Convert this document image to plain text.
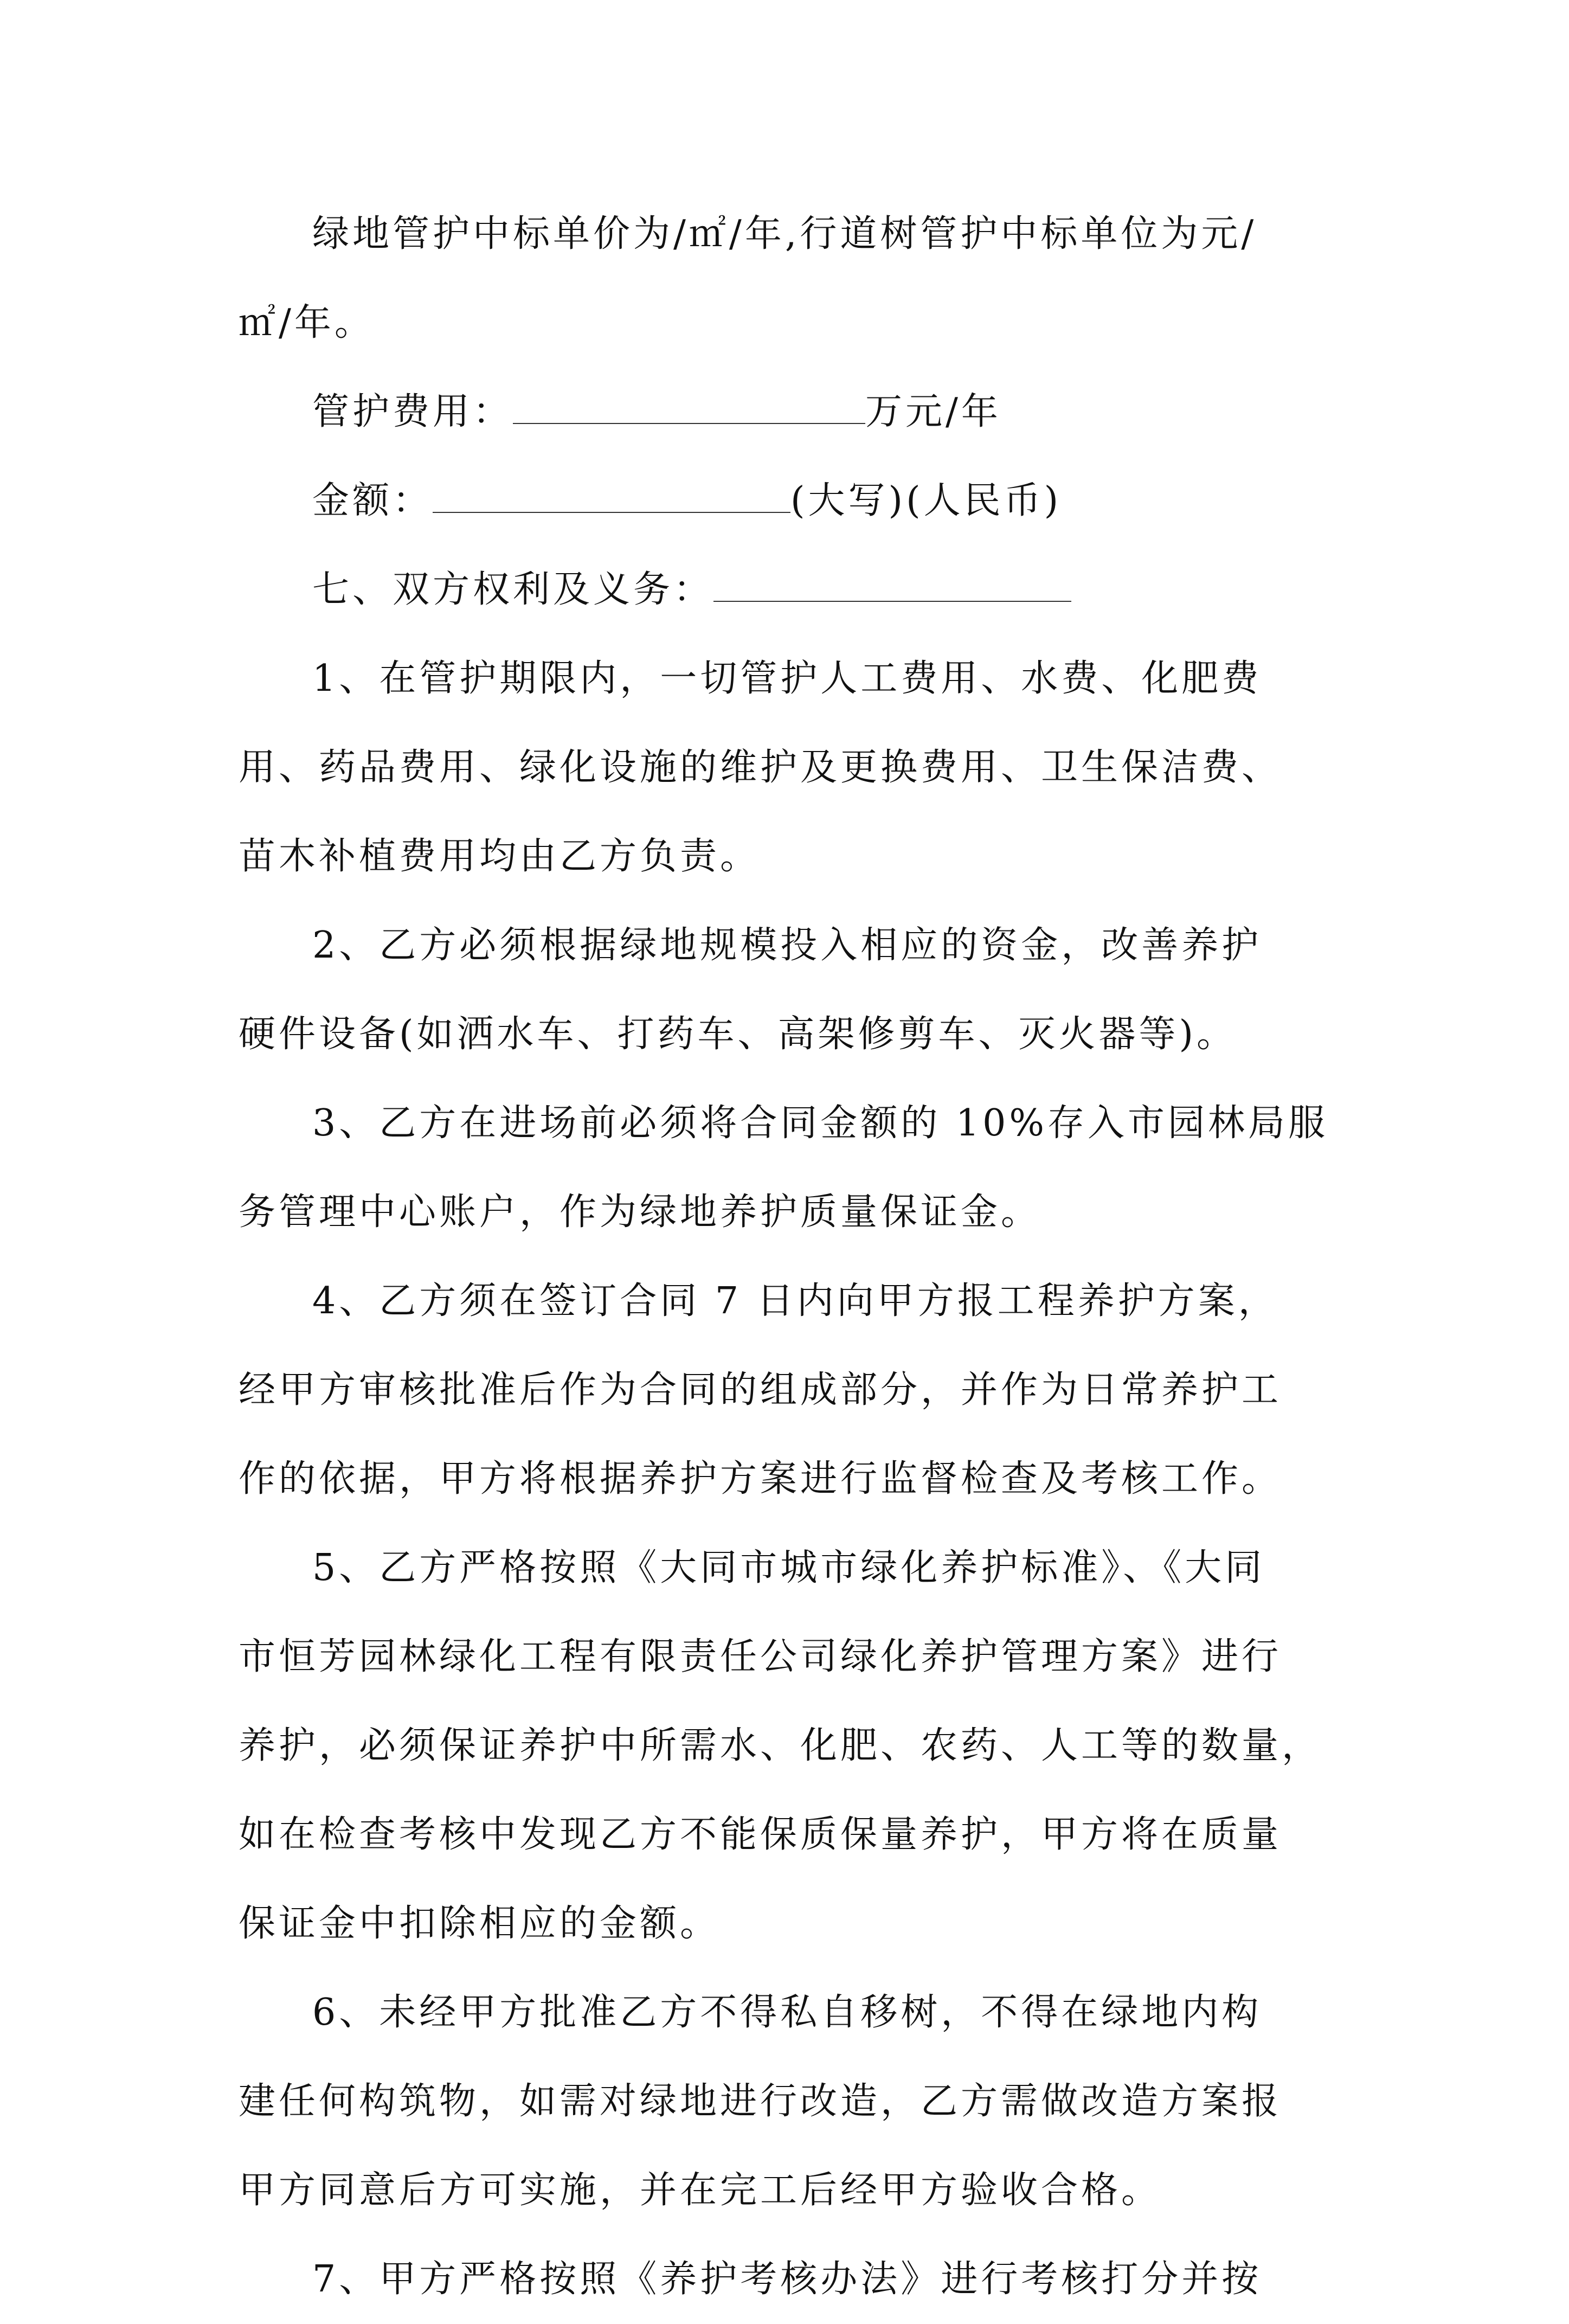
绿地管护中标单价为/㎡/年,行道树管护中标单位为元/
㎡/年。
管护费用：	万元/年
金额：	(大写)(人民币)
七、双方权利及义务：
1、在管护期限内，一切管护人工费用、水费、化肥费
用、药品费用、绿化设施的维护及更换费用、卫生保洁费、
苗木补植费用均由乙方负责。
2、乙方必须根据绿地规模投入相应的资金，改善养护
硬件设备(如洒水车、打药车、高架修剪车、灭火器等)。
3、乙方在进场前必须将合同金额的 10%存入市园林局服
务管理中心账户，作为绿地养护质量保证金。
4、乙方须在签订合同 7 日内向甲方报工程养护方案，
经甲方审核批准后作为合同的组成部分，并作为日常养护工
作的依据，甲方将根据养护方案进行监督检查及考核工作。
5、乙方严格按照《大同市城市绿化养护标准》、《大同
市恒芳园林绿化工程有限责任公司绿化养护管理方案》进行
养护，必须保证养护中所需水、化肥、农药、人工等的数量，
如在检查考核中发现乙方不能保质保量养护，甲方将在质量
保证金中扣除相应的金额。
6、未经甲方批准乙方不得私自移树，不得在绿地内构
建任何构筑物，如需对绿地进行改造，乙方需做改造方案报
甲方同意后方可实施，并在完工后经甲方验收合格。
7、甲方严格按照《养护考核办法》进行考核打分并按
